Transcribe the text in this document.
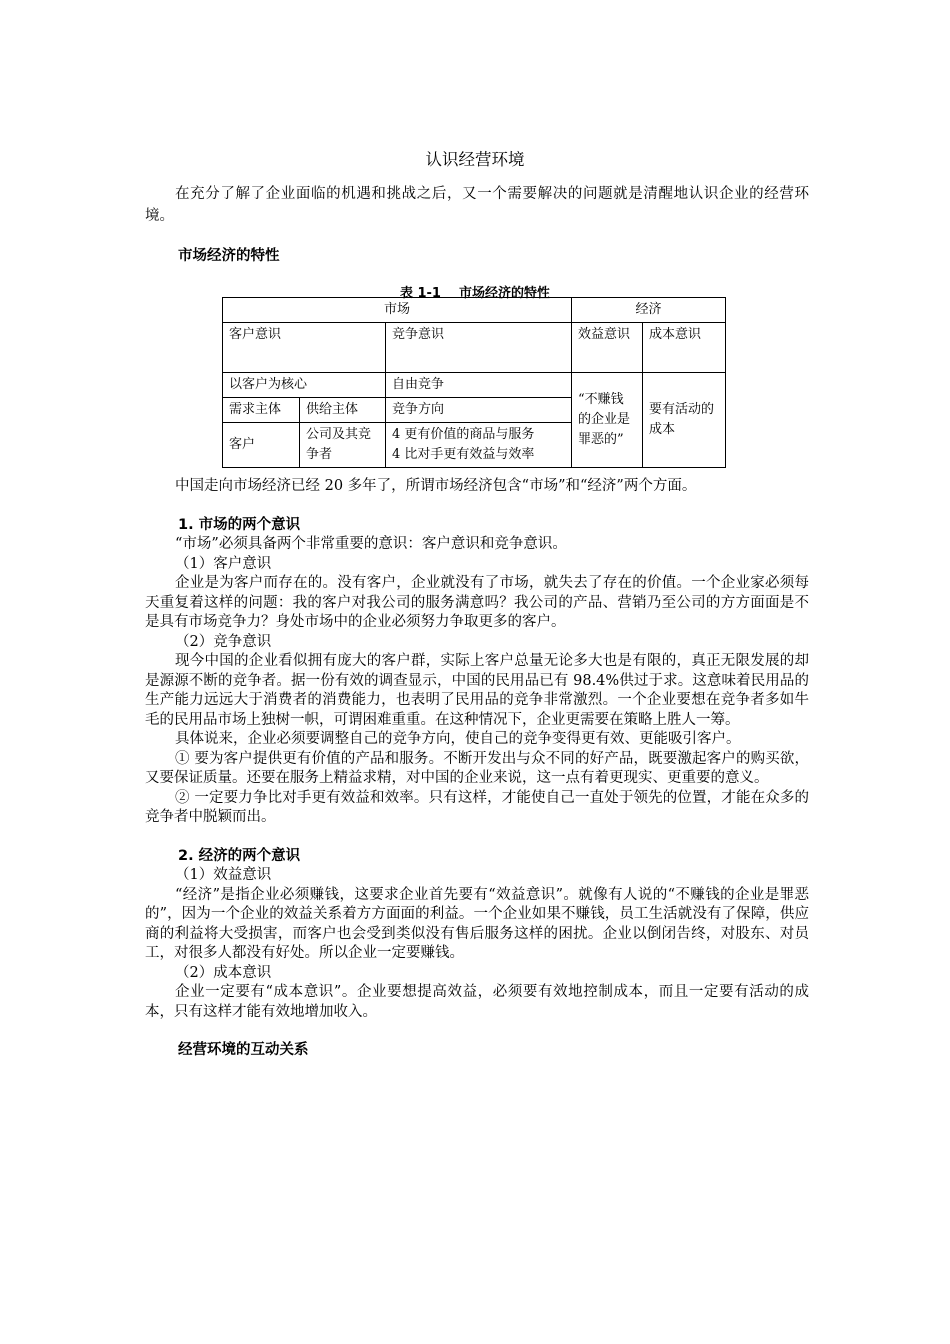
认识经营环境

在充分了解了企业面临的机遇和挑战之后，又一个需要解决的问题就是清醒地认识企业的经营环境。

市场经济的特性

表 1-1    市场经济的特性
市场			经济	
客户意识		竞争意识	效益意识	成本意识
以客户为核心		自由竞争	“不赚钱的企业是罪恶的”	要有活动的成本
需求主体	供给主体	竞争方向		
客户	公司及其竞争者	4 更有价值的商品与服务
4 比对手更有效益与效率		

中国走向市场经济已经 20 多年了，所谓市场经济包含“市场”和“经济”两个方面。

1. 市场的两个意识

“市场”必须具备两个非常重要的意识：客户意识和竞争意识。

（1）客户意识

企业是为客户而存在的。没有客户，企业就没有了市场，就失去了存在的价值。一个企业家必须每天重复着这样的问题：我的客户对我公司的服务满意吗？我公司的产品、营销乃至公司的方方面面是不是具有市场竞争力？身处市场中的企业必须努力争取更多的客户。

（2）竞争意识

现今中国的企业看似拥有庞大的客户群，实际上客户总量无论多大也是有限的，真正无限发展的却是源源不断的竞争者。据一份有效的调查显示，中国的民用品已有 98.4%供过于求。这意味着民用品的生产能力远远大于消费者的消费能力，也表明了民用品的竞争非常激烈。一个企业要想在竞争者多如牛毛的民用品市场上独树一帜，可谓困难重重。在这种情况下，企业更需要在策略上胜人一筹。

具体说来，企业必须要调整自己的竞争方向，使自己的竞争变得更有效、更能吸引客户。

① 要为客户提供更有价值的产品和服务。不断开发出与众不同的好产品，既要激起客户的购买欲，又要保证质量。还要在服务上精益求精，对中国的企业来说，这一点有着更现实、更重要的意义。

② 一定要力争比对手更有效益和效率。只有这样，才能使自己一直处于领先的位置，才能在众多的竞争者中脱颖而出。

2. 经济的两个意识

（1）效益意识

“经济”是指企业必须赚钱，这要求企业首先要有“效益意识”。就像有人说的“不赚钱的企业是罪恶的”，因为一个企业的效益关系着方方面面的利益。一个企业如果不赚钱，员工生活就没有了保障，供应商的利益将大受损害，而客户也会受到类似没有售后服务这样的困扰。企业以倒闭告终，对股东、对员工，对很多人都没有好处。所以企业一定要赚钱。

（2）成本意识

企业一定要有“成本意识”。企业要想提高效益，必须要有效地控制成本，而且一定要有活动的成本，只有这样才能有效地增加收入。

经营环境的互动关系
